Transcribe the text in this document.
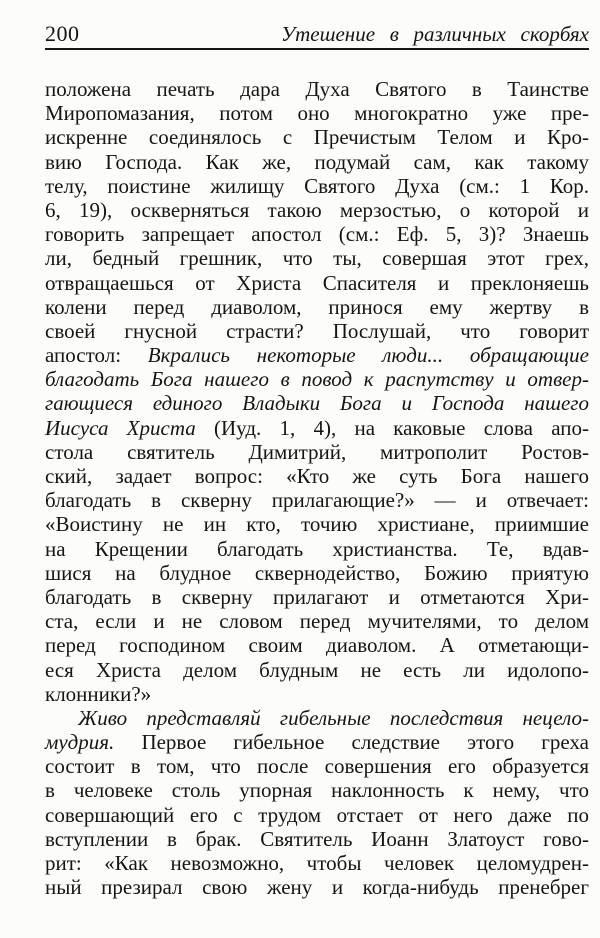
200	Утешение в различных скорбях
положена печать дара Духа Святого в Таинстве
Миропомазания, потом оно многократно уже пре-
искренне соединялось с Пречистым Телом и Кро-
вию Господа. Как же, подумай сам, как такому
телу, поистине жилищу Святого Духа (см.: 1 Кор.
6, 19), оскверняться такою мерзостью, о которой и
говорить запрещает апостол (см.: Еф. 5, 3)? Знаешь
ли, бедный грешник, что ты, совершая этот грех,
отвращаешься от Христа Спасителя и преклоняешь
колени перед диаволом, принося ему жертву в
своей гнусной страсти? Послушай, что говорит
апостол: Вкрались некоторые люди... обращающие
благодать Бога нашего в повод к распутству и отвер-
гающиеся единого Владыки Бога и Господа нашего
Иисуса Христа (Иуд. 1, 4), на каковые слова апо-
стола святитель Димитрий, митрополит Ростов-
ский, задает вопрос: «Кто же суть Бога нашего
благодать в скверну прилагающие?» — и отвечает:
«Воистину не ин кто, точию христиане, приимшие
на Крещении благодать христианства. Те, вдав-
шися на блудное сквернодейство, Божию приятую
благодать в скверну прилагают и отметаются Хри-
ста, если и не словом перед мучителями, то делом
перед господином своим диаволом. А отметающи-
еся Христа делом блудным не есть ли идолопо-
клонники?»
Живо представляй гибельные последствия нецело-
мудрия. Первое гибельное следствие этого греха
состоит в том, что после совершения его образуется
в человеке столь упорная наклонность к нему, что
совершающий его с трудом отстает от него даже по
вступлении в брак. Святитель Иоанн Златоуст гово-
рит: «Как невозможно, чтобы человек целомудрен-
ный презирал свою жену и когда-нибудь пренебрег
